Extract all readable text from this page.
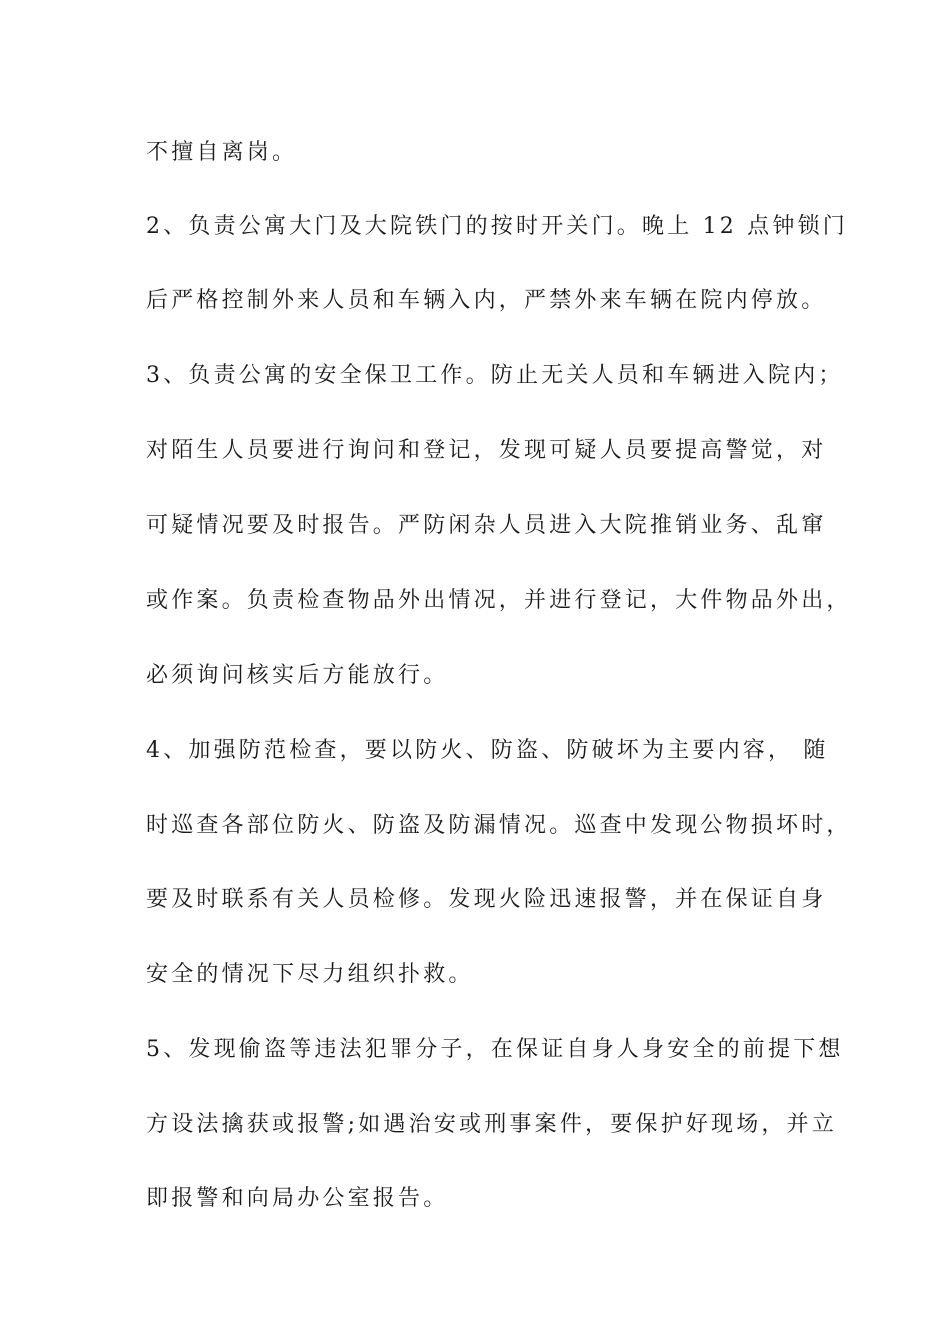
不擅自离岗。
2、负责公寓大门及大院铁门的按时开关门。晚上 12 点钟锁门
后严格控制外来人员和车辆入内，严禁外来车辆在院内停放。
3、负责公寓的安全保卫工作。防止无关人员和车辆进入院内；
对陌生人员要进行询问和登记，发现可疑人员要提高警觉，对
可疑情况要及时报告。严防闲杂人员进入大院推销业务、乱窜
或作案。负责检查物品外出情况，并进行登记，大件物品外出，
必须询问核实后方能放行。
4、加强防范检查，要以防火、防盗、防破坏为主要内容， 随
时巡查各部位防火、防盗及防漏情况。巡查中发现公物损坏时，
要及时联系有关人员检修。发现火险迅速报警，并在保证自身
安全的情况下尽力组织扑救。
5、发现偷盗等违法犯罪分子，在保证自身人身安全的前提下想
方设法擒获或报警;如遇治安或刑事案件，要保护好现场，并立
即报警和向局办公室报告。
